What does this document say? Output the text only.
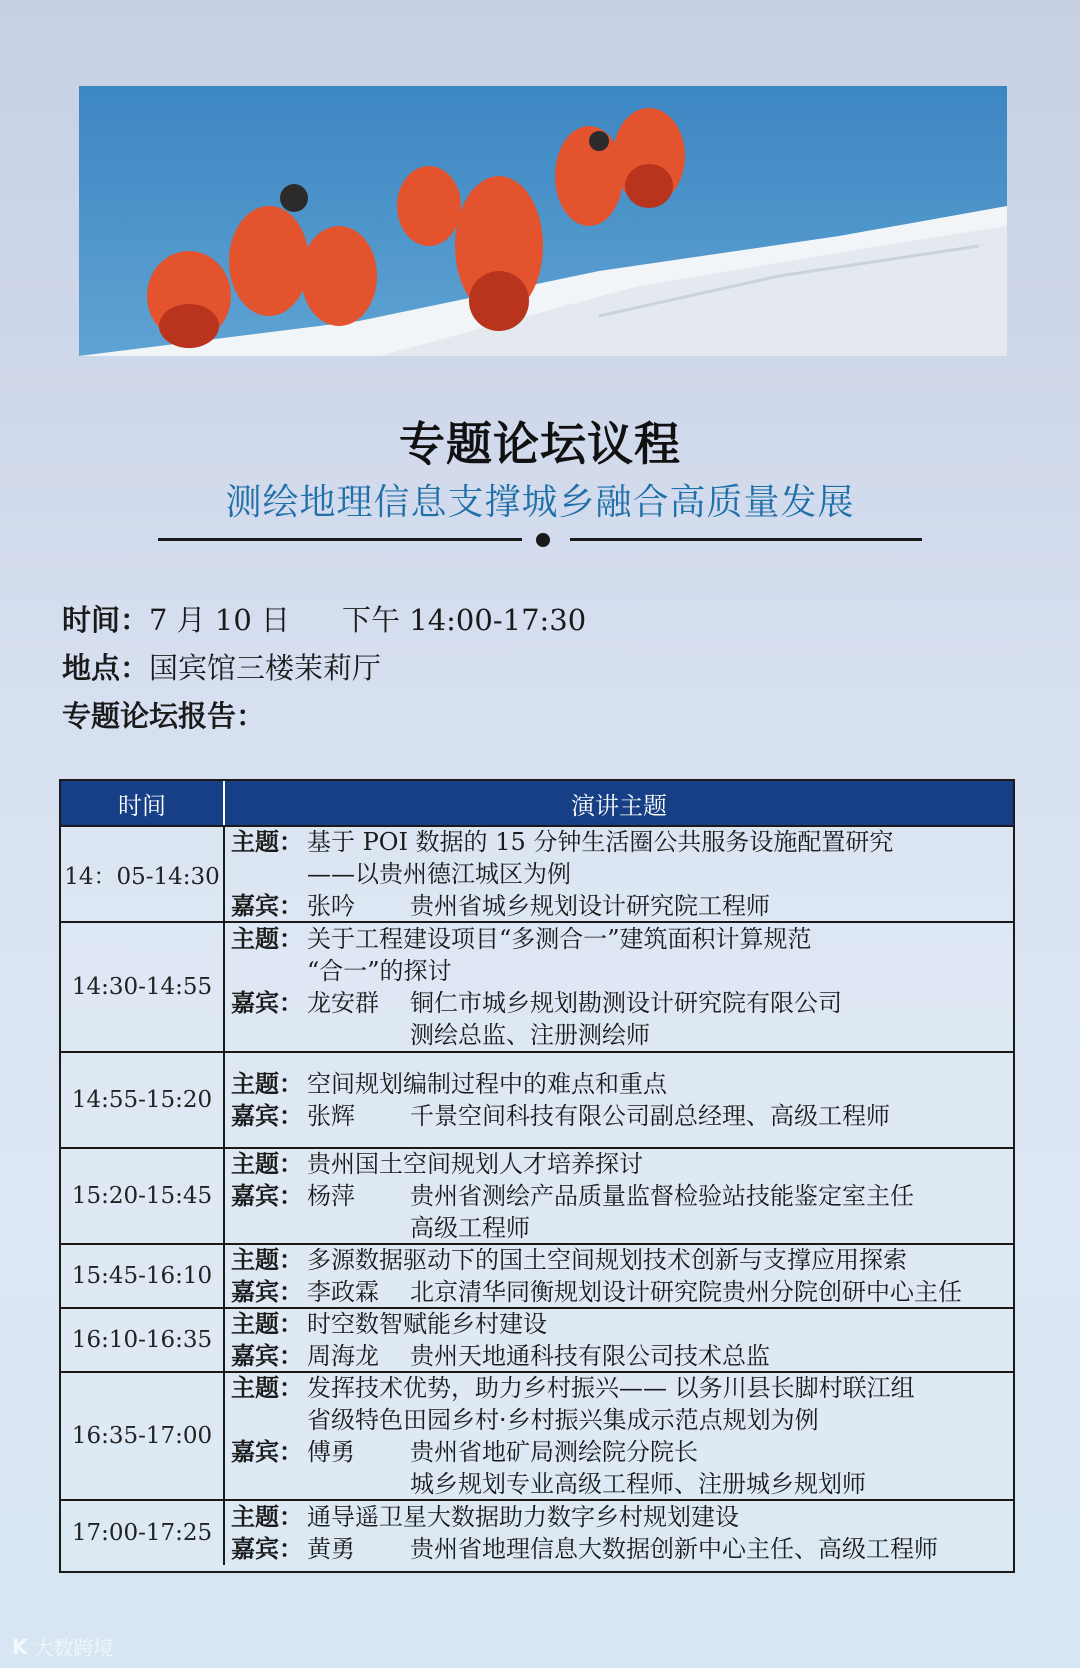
专题论坛议程
测绘地理信息支撑城乡融合高质量发展
时间：7 月 10 日 下午 14:00-17:30
地点：国宾馆三楼茉莉厅
专题论坛报告：
时间	演讲主题
14：05-14:30
主题： 基于 POI 数据的 15 分钟生活圈公共服务设施配置研究
——以贵州德江城区为例
嘉宾： 张吟	贵州省城乡规划设计研究院工程师
14:30-14:55
主题： 关于工程建设项目“多测合一”建筑面积计算规范
“合一”的探讨
嘉宾： 龙安群	铜仁市城乡规划勘测设计研究院有限公司
测绘总监、注册测绘师
14:55-15:20
主题： 空间规划编制过程中的难点和重点
嘉宾： 张辉	千景空间科技有限公司副总经理、高级工程师
15:20-15:45
主题： 贵州国土空间规划人才培养探讨
嘉宾： 杨萍	贵州省测绘产品质量监督检验站技能鉴定室主任
高级工程师
15:45-16:10
主题： 多源数据驱动下的国土空间规划技术创新与支撑应用探索
嘉宾： 李政霖	北京清华同衡规划设计研究院贵州分院创研中心主任
16:10-16:35
主题： 时空数智赋能乡村建设
嘉宾： 周海龙	贵州天地通科技有限公司技术总监
16:35-17:00
主题： 发挥技术优势，助力乡村振兴—— 以务川县长脚村联江组
省级特色田园乡村·乡村振兴集成示范点规划为例
嘉宾： 傅勇	贵州省地矿局测绘院分院长
城乡规划专业高级工程师、注册城乡规划师
17:00-17:25
主题： 通导遥卫星大数据助力数字乡村规划建设
嘉宾： 黄勇	贵州省地理信息大数据创新中心主任、高级工程师
K 大数跨境
